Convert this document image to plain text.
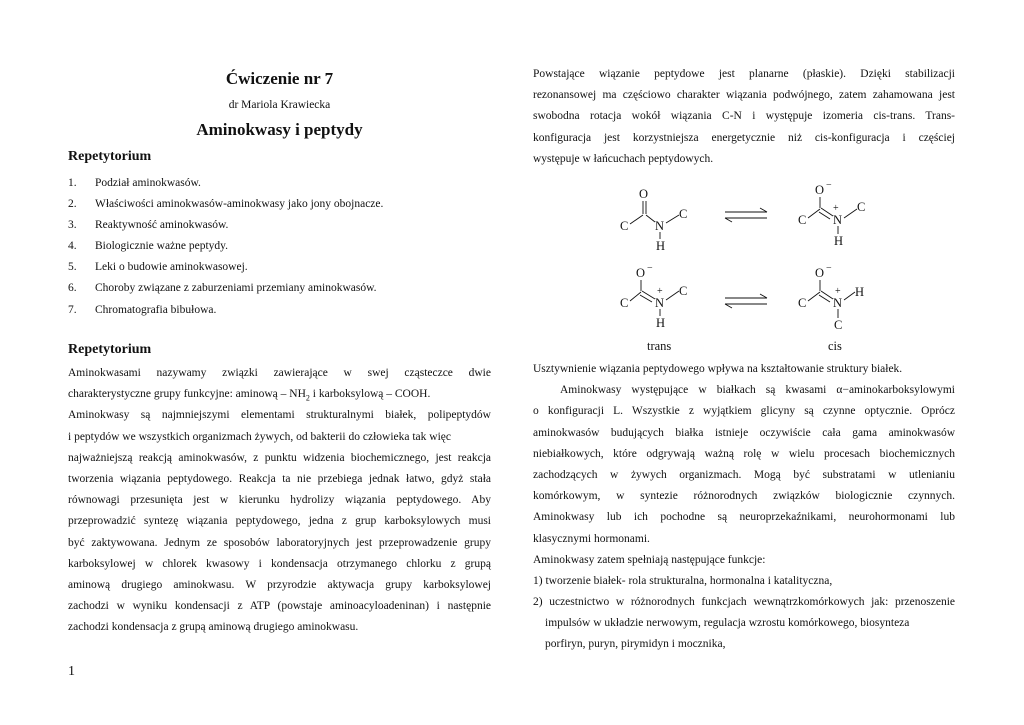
Ćwiczenie nr 7
dr Mariola Krawiecka
Aminokwasy i peptydy
Repetytorium
1.	Podział aminokwasów.
2.	Właściwości aminokwasów-aminokwasy jako jony obojnacze.
3.	Reaktywność aminokwasów.
4.	Biologicznie ważne peptydy.
5.	Leki o budowie aminokwasowej.
6.	Choroby związane z zaburzeniami przemiany aminokwasów.
7.	Chromatografia bibułowa.
Repetytorium
Aminokwasami nazywamy związki zawierające w swej cząsteczce dwie
charakterystyczne grupy funkcyjne: aminową – $NH_2$ i karboksylową – COOH.
Aminokwasy są najmniejszymi elementami strukturalnymi białek, polipeptydów
i peptydów we wszystkich organizmach żywych, od bakterii do człowieka tak więc
najważniejszą reakcją aminokwasów, z punktu widzenia biochemicznego, jest reakcja
tworzenia wiązania peptydowego. Reakcja ta nie przebiega jednak łatwo, gdyż stała
równowagi przesunięta jest w kierunku hydrolizy wiązania peptydowego. Aby
przeprowadzić syntezę wiązania peptydowego, jedna z grup karboksylowych musi
być zaktywowana. Jednym ze sposobów laboratoryjnych jest przeprowadzenie grupy
karboksylowej w chlorek kwasowy i kondensacja otrzymanego chlorku z grupą
aminową drugiego aminokwasu. W przyrodzie aktywacja grupy karboksylowej
zachodzi w wyniku kondensacji z ATP (powstaje aminoacyloadeninan) i następnie
zachodzi kondensacja z grupą aminową drugiego aminokwasu.
1
Powstające wiązanie peptydowe jest planarne (płaskie). Dzięki stabilizacji
rezonansowej ma częściowo charakter wiązania podwójnego, zatem zahamowana jest
swobodna rotacja wokół wiązania C-N i występuje izomeria cis-trans. Trans-
konfiguracja jest korzystniejsza energetycznie niż cis-konfiguracja i częściej
występuje w łańcuchach peptydowych.
O
C N
C
H
O −
C
+
N
C
H
O −
C
+
N
C
H
trans
O −
C
+
N
H
C
cis
Usztywnienie wiązania peptydowego wpływa na kształtowanie struktury białek.
Aminokwasy występujące w białkach są kwasami α−aminokarboksylowymi
o konfiguracji L. Wszystkie z wyjątkiem glicyny są czynne optycznie. Oprócz
aminokwasów budujących białka istnieje oczywiście cała gama aminokwasów
niebiałkowych, które odgrywają ważną rolę w wielu procesach biochemicznych
zachodzących w żywych organizmach. Mogą być substratami w utlenianiu
komórkowym, w syntezie różnorodnych związków biologicznie czynnych.
Aminokwasy lub ich pochodne są neuroprzekaźnikami, neurohormonami lub
klasycznymi hormonami.
Aminokwasy zatem spełniają następujące funkcje:
1) tworzenie białek- rola strukturalna, hormonalna i katalityczna,
2) uczestnictwo w różnorodnych funkcjach wewnątrzkomórkowych jak: przenoszenie
impulsów w układzie nerwowym, regulacja wzrostu komórkowego, biosynteza
porfiryn, puryn, pirymidyn i mocznika,
